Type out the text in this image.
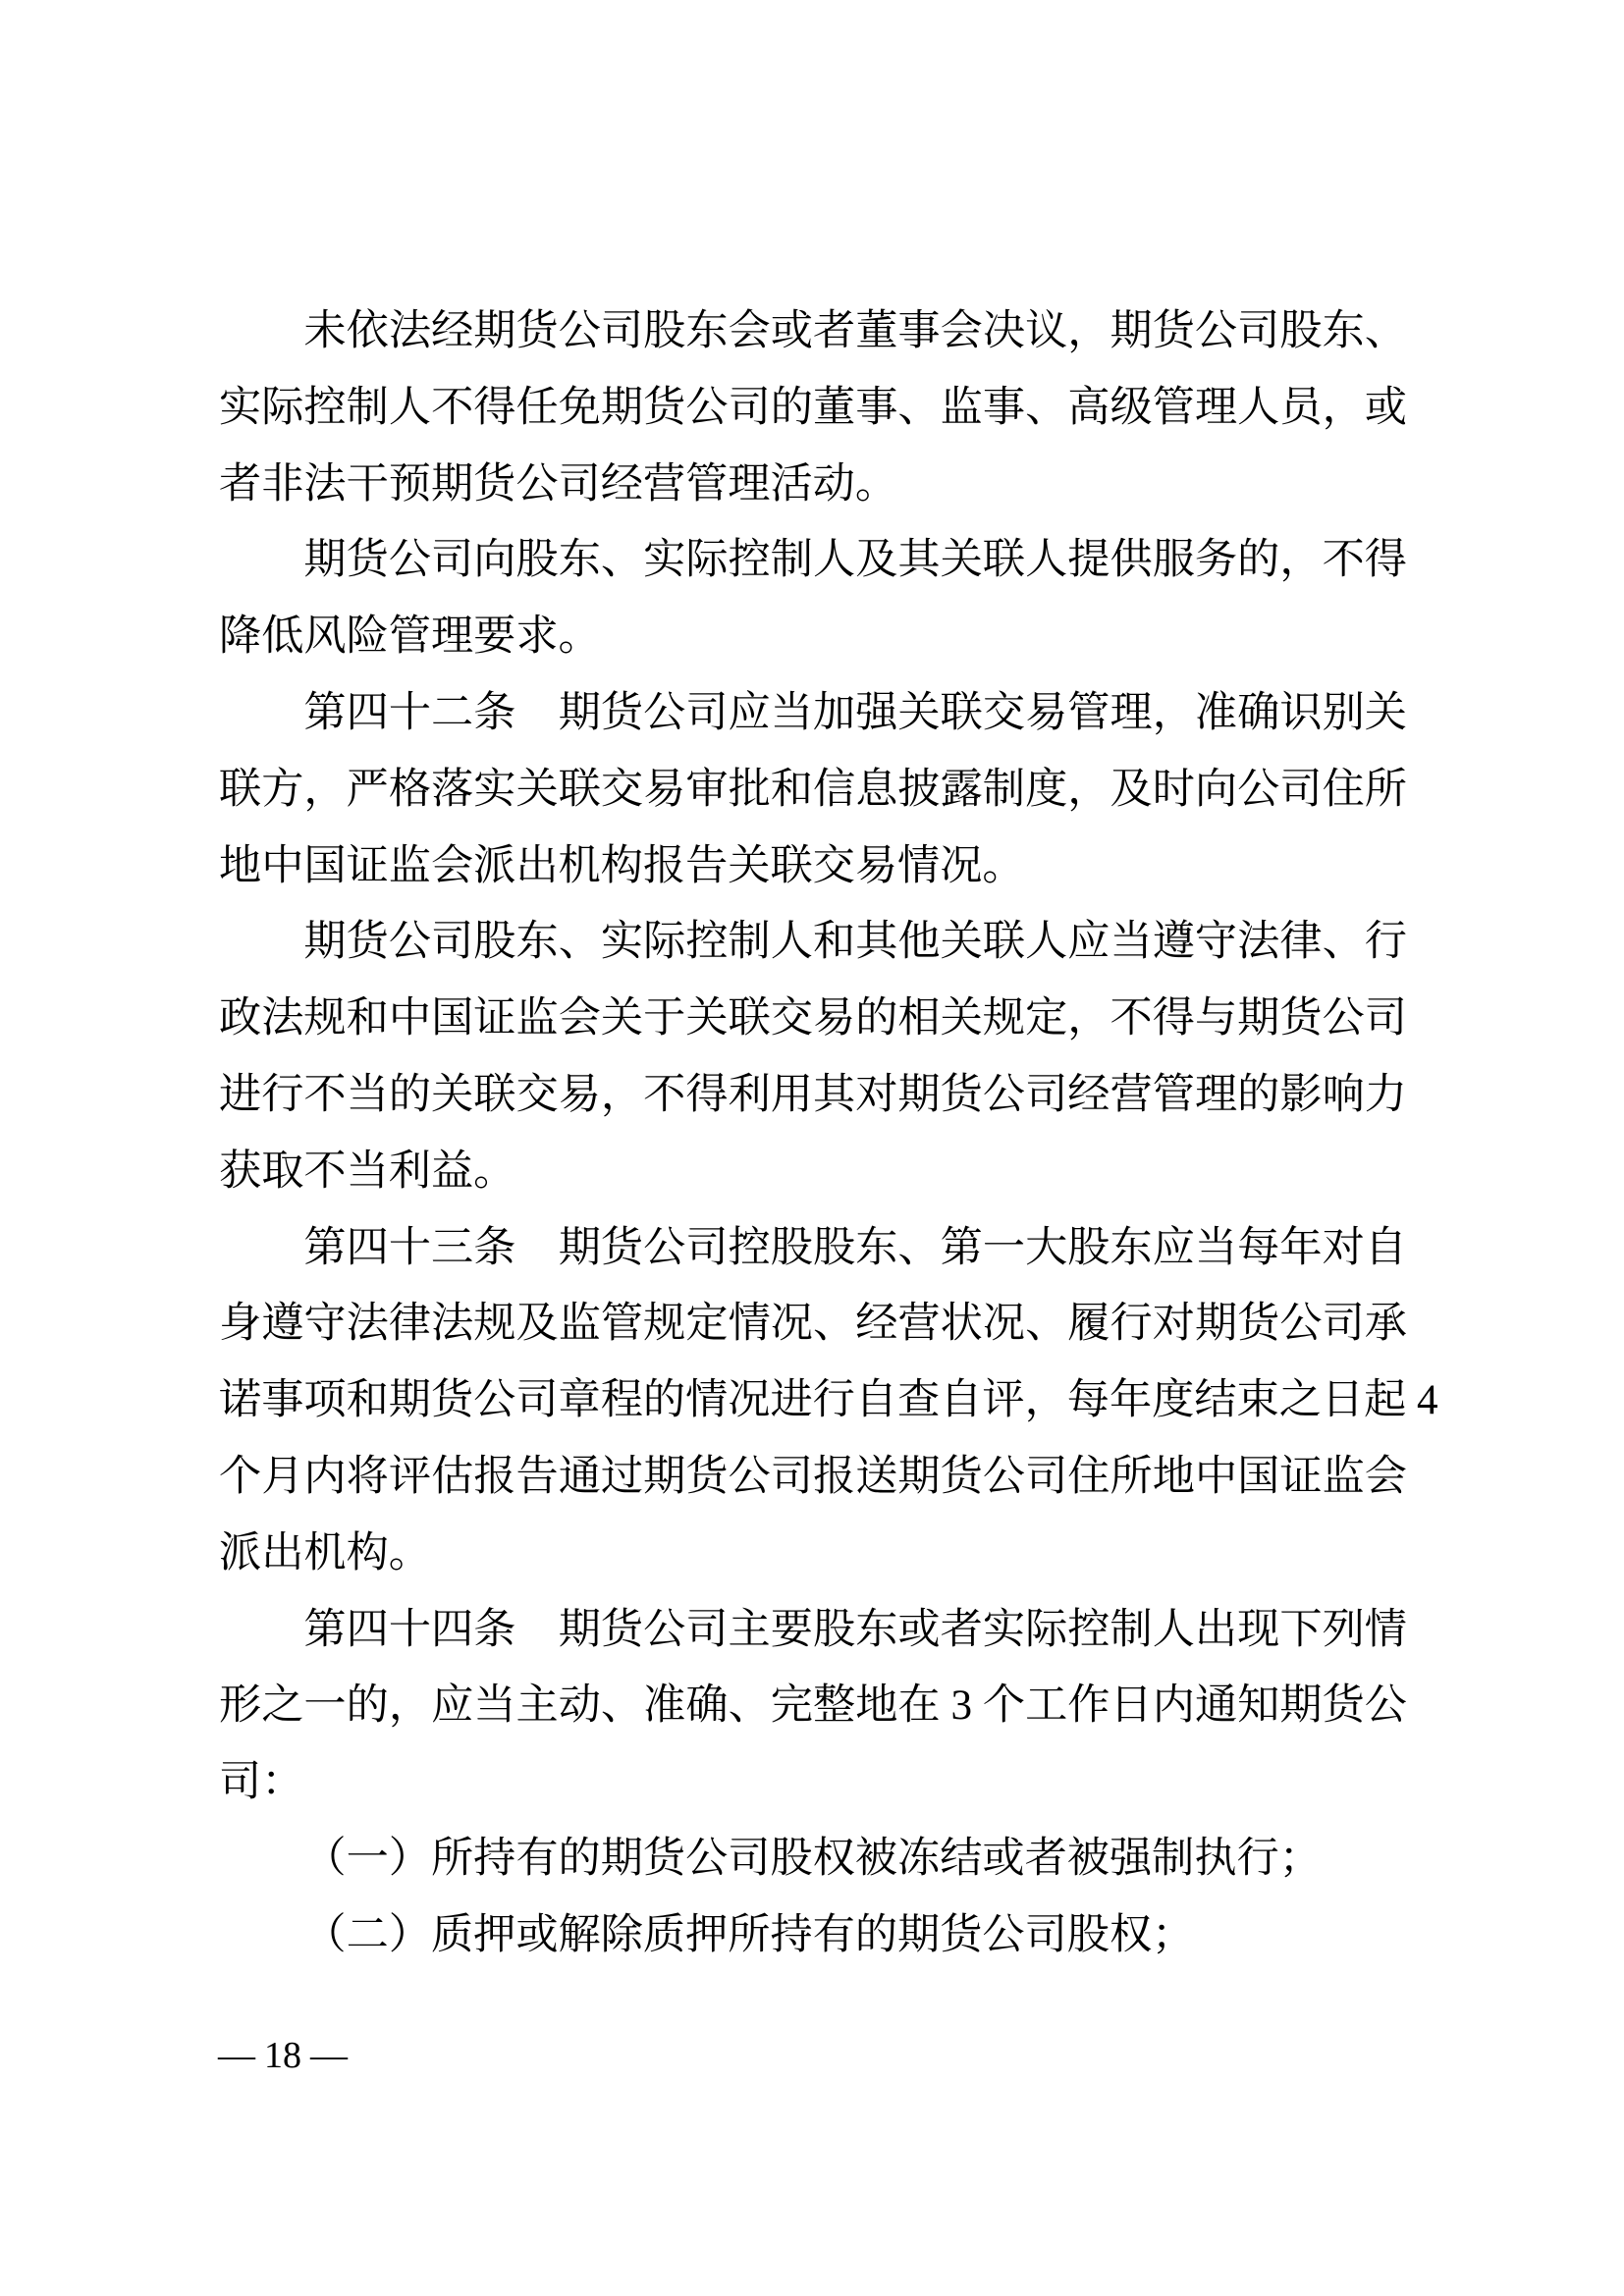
未依法经期货公司股东会或者董事会决议，期货公司股东、
实际控制人不得任免期货公司的董事、监事、高级管理人员，或
者非法干预期货公司经营管理活动。
期货公司向股东、实际控制人及其关联人提供服务的，不得
降低风险管理要求。
第四十二条　期货公司应当加强关联交易管理，准确识别关
联方，严格落实关联交易审批和信息披露制度，及时向公司住所
地中国证监会派出机构报告关联交易情况。
期货公司股东、实际控制人和其他关联人应当遵守法律、行
政法规和中国证监会关于关联交易的相关规定，不得与期货公司
进行不当的关联交易，不得利用其对期货公司经营管理的影响力
获取不当利益。
第四十三条　期货公司控股股东、第一大股东应当每年对自
身遵守法律法规及监管规定情况、经营状况、履行对期货公司承
诺事项和期货公司章程的情况进行自查自评，每年度结束之日起 4
个月内将评估报告通过期货公司报送期货公司住所地中国证监会
派出机构。
第四十四条　期货公司主要股东或者实际控制人出现下列情
形之一的，应当主动、准确、完整地在 3 个工作日内通知期货公
司：
（一）所持有的期货公司股权被冻结或者被强制执行；
（二）质押或解除质押所持有的期货公司股权；
— 18 —
